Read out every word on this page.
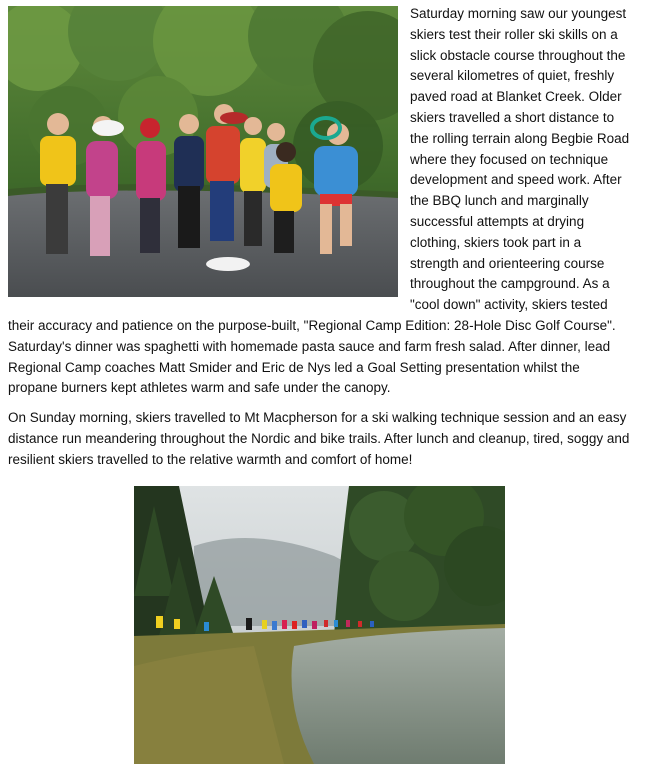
Saturday morning saw our youngest skiers test their roller ski skills on a slick obstacle course throughout the several kilometres of quiet, freshly paved road at Blanket Creek. Older skiers travelled a short distance to the rolling terrain along Begbie Road where they focused on technique development and speed work. After the BBQ lunch and marginally successful attempts at drying clothing, skiers took part in a strength and orienteering course throughout the campground. As a "cool down" activity, skiers tested their accuracy and patience on the purpose-built, "Regional Camp Edition: 28-Hole Disc Golf Course". Saturday's dinner was spaghetti with homemade pasta sauce and farm fresh salad. After dinner, lead Regional Camp coaches Matt Smider and Eric de Nys led a Goal Setting presentation whilst the propane burners kept athletes warm and safe under the canopy.

On Sunday morning, skiers travelled to Mt Macpherson for a ski walking technique session and an easy distance run meandering throughout the Nordic and bike trails. After lunch and cleanup, tired, soggy and resilient skiers travelled to the relative warmth and comfort of home!
